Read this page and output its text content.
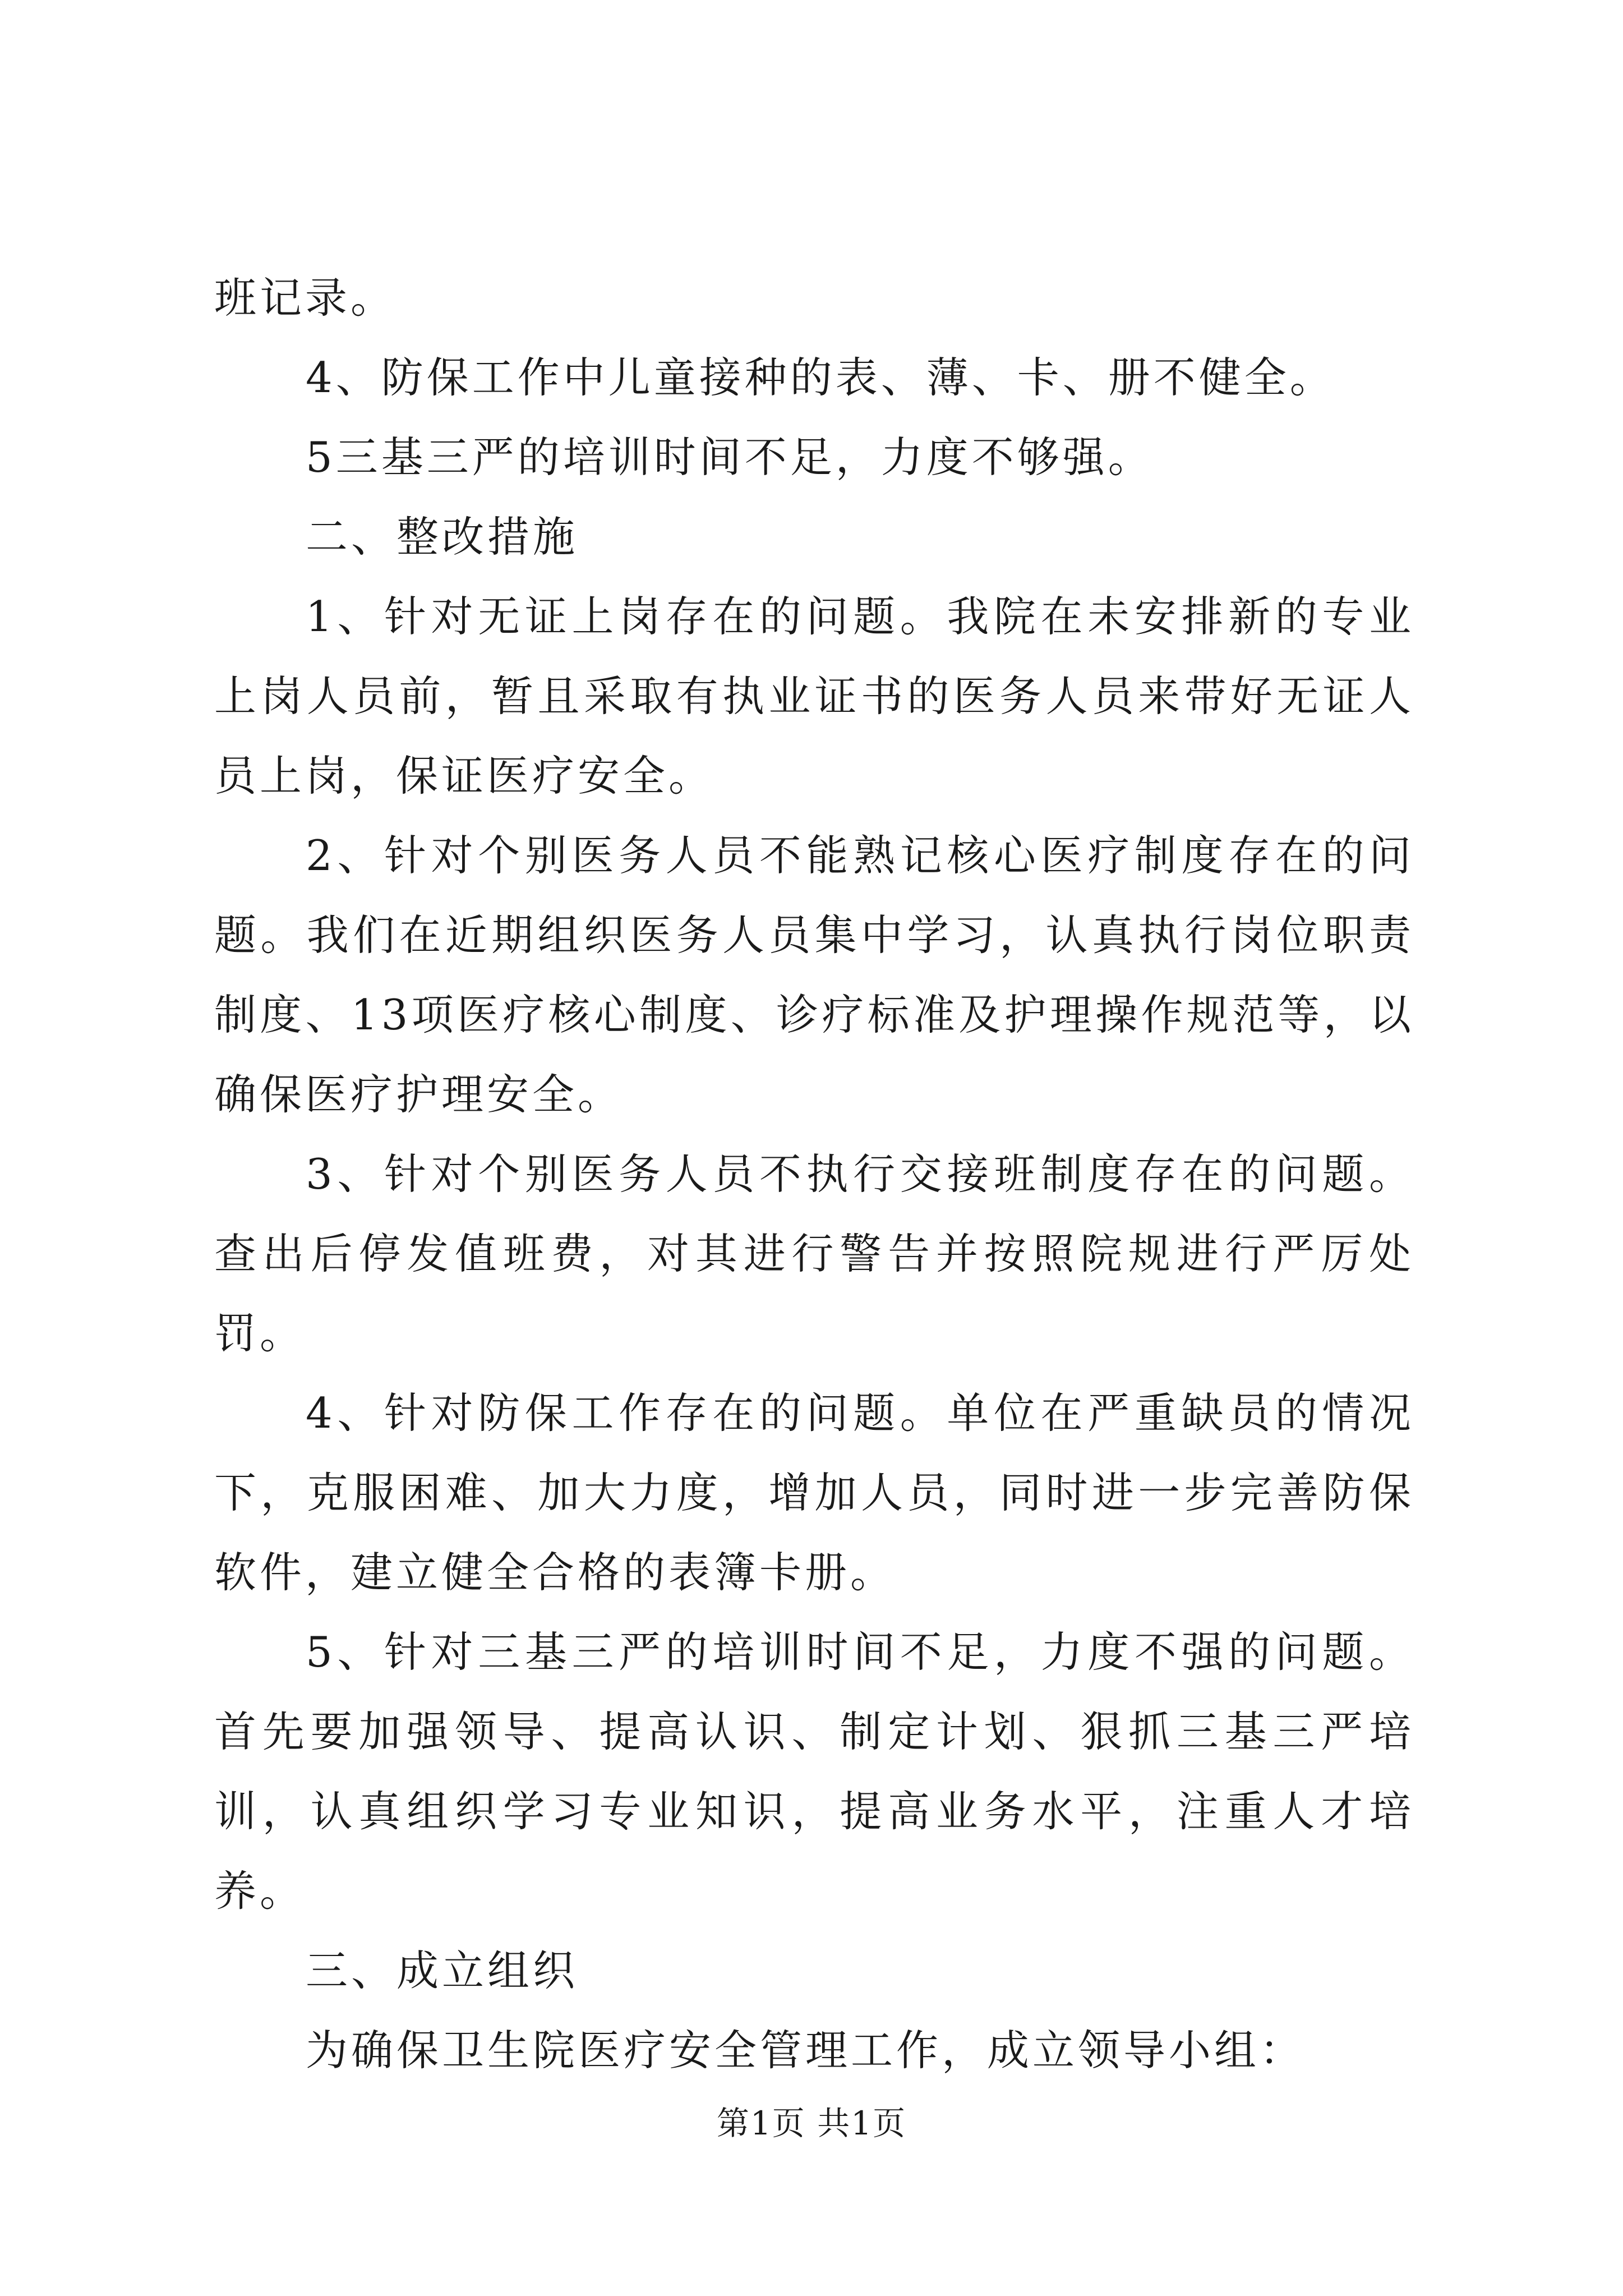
班记录。

4、防保工作中儿童接种的表、薄、卡、册不健全。

5三基三严的培训时间不足，力度不够强。

二、整改措施

1、针对无证上岗存在的问题。我院在未安排新的专业上岗人员前，暂且采取有执业证书的医务人员来带好无证人员上岗，保证医疗安全。

2、针对个别医务人员不能熟记核心医疗制度存在的问题。我们在近期组织医务人员集中学习，认真执行岗位职责制度、13项医疗核心制度、诊疗标准及护理操作规范等，以确保医疗护理安全。

3、针对个别医务人员不执行交接班制度存在的问题。查出后停发值班费，对其进行警告并按照院规进行严厉处罚。

4、针对防保工作存在的问题。单位在严重缺员的情况下，克服困难、加大力度，增加人员，同时进一步完善防保软件，建立健全合格的表簿卡册。

5、针对三基三严的培训时间不足，力度不强的问题。首先要加强领导、提高认识、制定计划、狠抓三基三严培训，认真组织学习专业知识，提高业务水平，注重人才培养。

三、成立组织

为确保卫生院医疗安全管理工作，成立领导小组：

第1页 共1页
